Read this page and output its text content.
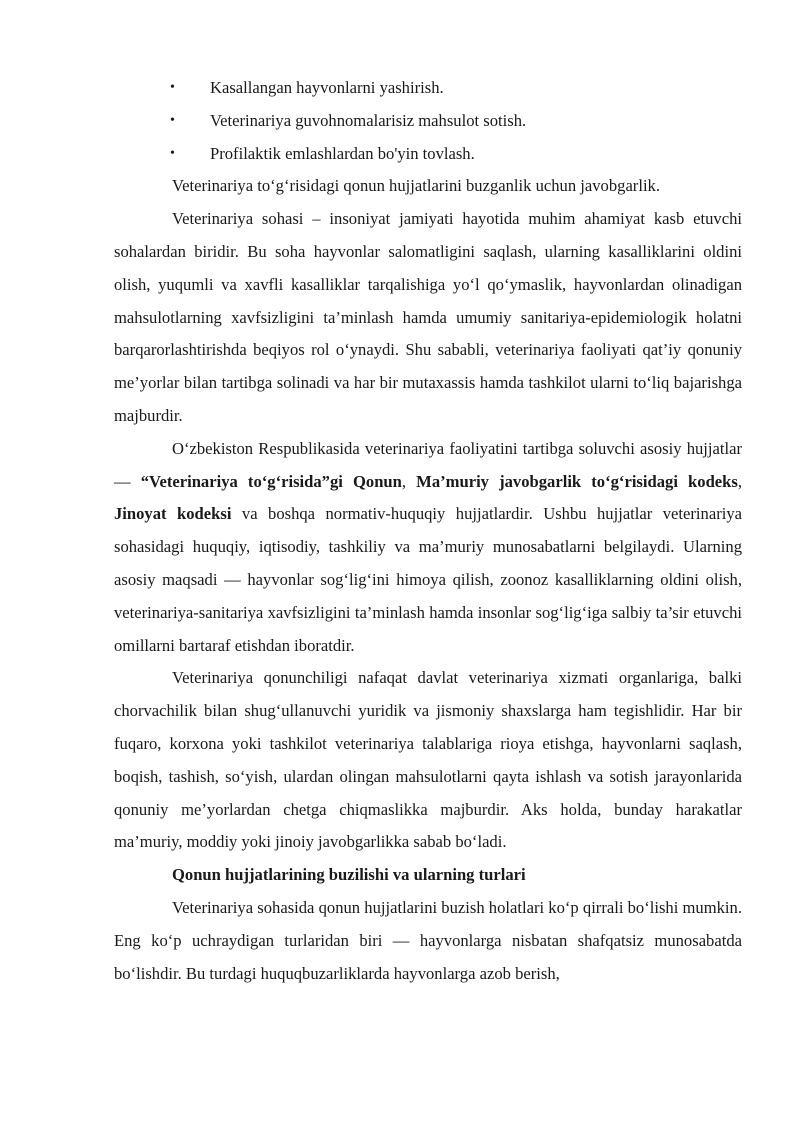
• Kasallangan hayvonlarni yashirish.
• Veterinariya guvohnomalarisiz mahsulot sotish.
• Profilaktik emlashlardan bo'yin tovlash.

Veterinariya to‘g‘risidagi qonun hujjatlarini buzganlik uchun javobgarlik.

Veterinariya sohasi – insoniyat jamiyati hayotida muhim ahamiyat kasb etuvchi sohalardan biridir. Bu soha hayvonlar salomatligini saqlash, ularning kasalliklarini oldini olish, yuqumli va xavfli kasalliklar tarqalishiga yo‘l qo‘ymaslik, hayvonlardan olinadigan mahsulotlarning xavfsizligini ta’minlash hamda umumiy sanitariya-epidemiologik holatni barqarorlashtirishda beqiyos rol o‘ynaydi. Shu sababli, veterinariya faoliyati qat’iy qonuniy me’yorlar bilan tartibga solinadi va har bir mutaxassis hamda tashkilot ularni to‘liq bajarishga majburdir.

O‘zbekiston Respublikasida veterinariya faoliyatini tartibga soluvchi asosiy hujjatlar — “Veterinariya to‘g‘risida”gi Qonun, Ma’muriy javobgarlik to‘g‘risidagi kodeks, Jinoyat kodeksi va boshqa normativ-huquqiy hujjatlardir. Ushbu hujjatlar veterinariya sohasidagi huquqiy, iqtisodiy, tashkiliy va ma’muriy munosabatlarni belgilaydi. Ularning asosiy maqsadi — hayvonlar sog‘lig‘ini himoya qilish, zoonoz kasalliklarning oldini olish, veterinariya-sanitariya xavfsizligini ta’minlash hamda insonlar sog‘lig‘iga salbiy ta’sir etuvchi omillarni bartaraf etishdan iboratdir.

Veterinariya qonunchiligi nafaqat davlat veterinariya xizmati organlariga, balki chorvachilik bilan shug‘ullanuvchi yuridik va jismoniy shaxslarga ham tegishlidir. Har bir fuqaro, korxona yoki tashkilot veterinariya talablariga rioya etishga, hayvonlarni saqlash, boqish, tashish, so‘yish, ulardan olingan mahsulotlarni qayta ishlash va sotish jarayonlarida qonuniy me’yorlardan chetga chiqmaslikka majburdir. Aks holda, bunday harakatlar ma’muriy, moddiy yoki jinoiy javobgarlikka sabab bo‘ladi.

Qonun hujjatlarining buzilishi va ularning turlari

Veterinariya sohasida qonun hujjatlarini buzish holatlari ko‘p qirrali bo‘lishi mumkin. Eng ko‘p uchraydigan turlaridan biri — hayvonlarga nisbatan shafqatsiz munosabatda bo‘lishdir. Bu turdagi huquqbuzarliklarda hayvonlarga azob berish,
